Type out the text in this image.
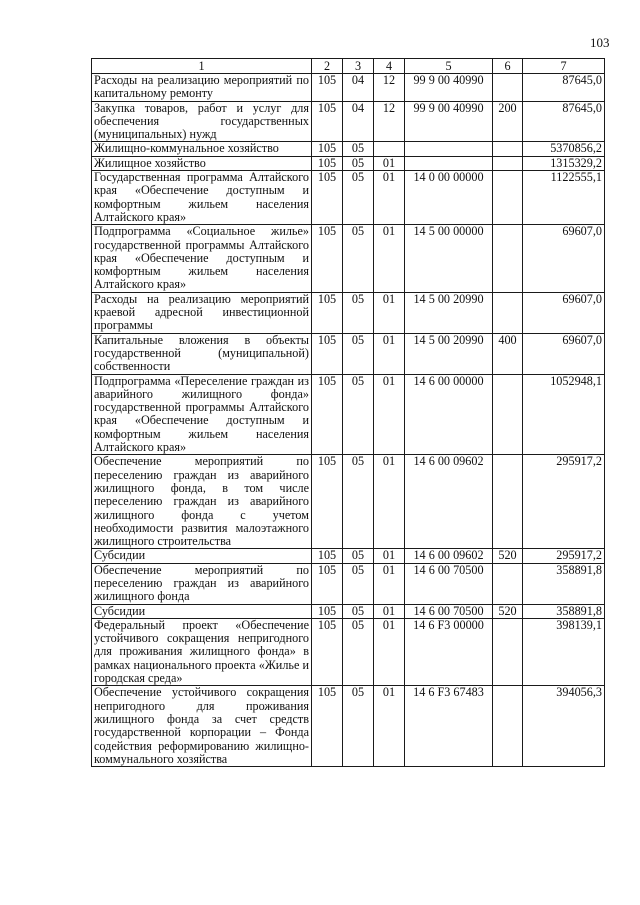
103
1	2	3	4	5	6	7
Расходы на реализацию мероприятий по капитальному ремонту	105	04	12	99 9 00 40990		87645,0
Закупка товаров, работ и услуг для обеспечения государственных (муниципальных) нужд	105	04	12	99 9 00 40990	200	87645,0
Жилищно-коммунальное хозяйство	105	05				5370856,2
Жилищное хозяйство	105	05	01			1315329,2
Государственная программа Алтайского края «Обеспечение доступным и комфортным жильем населения Алтайского края»	105	05	01	14 0 00 00000		1122555,1
Подпрограмма «Социальное жилье» государственной программы Алтайского края «Обеспечение доступным и комфортным жильем населения Алтайского края»	105	05	01	14 5 00 00000		69607,0
Расходы на реализацию мероприятий краевой адресной инвестиционной программы	105	05	01	14 5 00 20990		69607,0
Капитальные вложения в объекты государственной (муниципальной) собственности	105	05	01	14 5 00 20990	400	69607,0
Подпрограмма «Переселение граждан из аварийного жилищного фонда» государственной программы Алтайского края «Обеспечение доступным и комфортным жильем населения Алтайского края»	105	05	01	14 6 00 00000		1052948,1
Обеспечение мероприятий по переселению граждан из аварийного жилищного фонда, в том числе переселению граждан из аварийного жилищного фонда с учетом необходимости развития малоэтажного жилищного строительства	105	05	01	14 6 00 09602		295917,2
Субсидии	105	05	01	14 6 00 09602	520	295917,2
Обеспечение мероприятий по переселению граждан из аварийного жилищного фонда	105	05	01	14 6 00 70500		358891,8
Субсидии	105	05	01	14 6 00 70500	520	358891,8
Федеральный проект «Обеспечение устойчивого сокращения непригодного для проживания жилищного фонда» в рамках национального проекта «Жилье и городская среда»	105	05	01	14 6 F3 00000		398139,1
Обеспечение устойчивого сокращения непригодного для проживания жилищного фонда за счет средств государственной корпорации – Фонда содействия реформированию жилищно-коммунального хозяйства	105	05	01	14 6 F3 67483		394056,3
